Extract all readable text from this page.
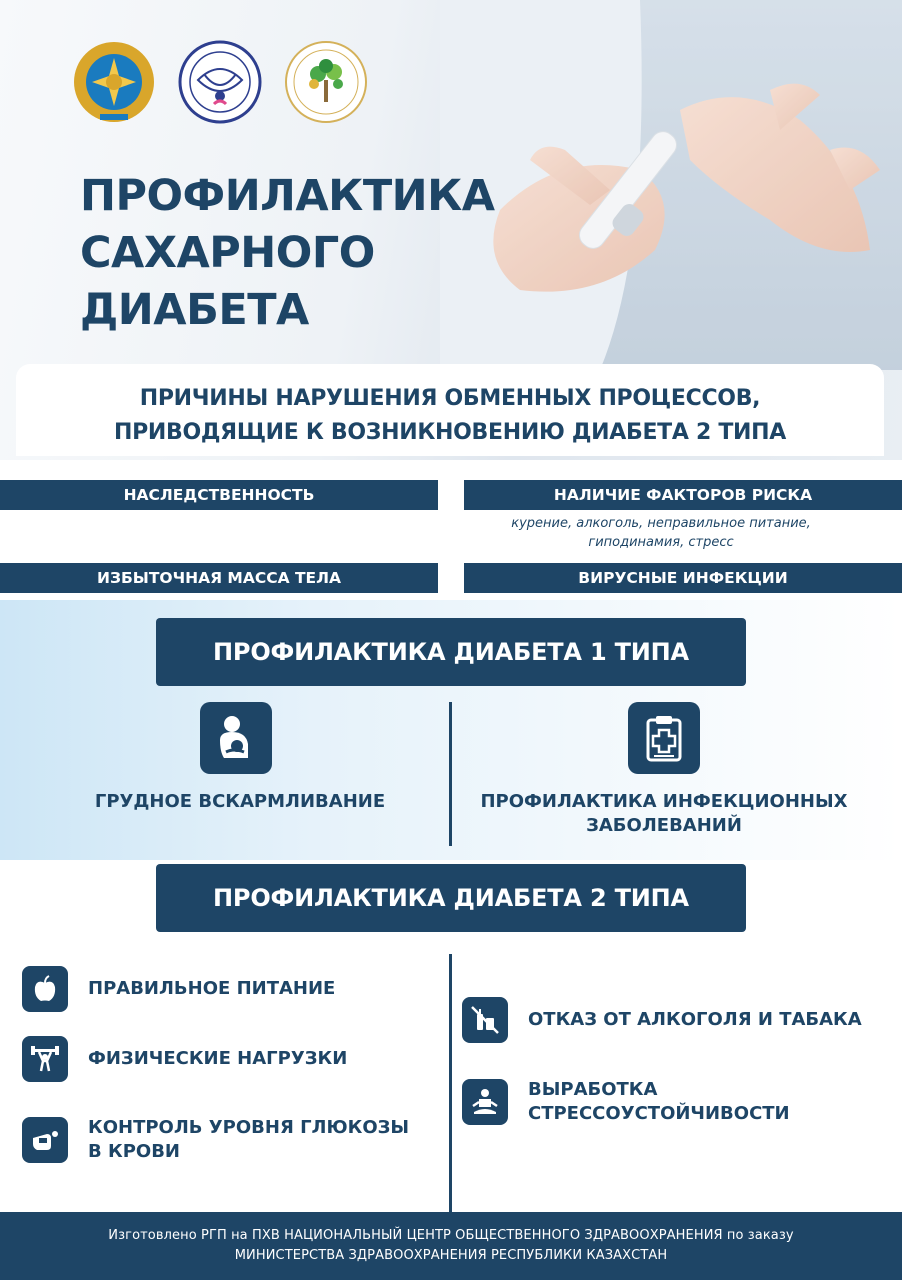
ПРОФИЛАКТИКА
САХАРНОГО
ДИАБЕТА
ПРИЧИНЫ НАРУШЕНИЯ ОБМЕННЫХ ПРОЦЕССОВ,
ПРИВОДЯЩИЕ К ВОЗНИКНОВЕНИЮ ДИАБЕТА 2 ТИПА
НАСЛЕДСТВЕННОСТЬ	НАЛИЧИЕ ФАКТОРОВ РИСКА
курение, алкоголь, неправильное питание,
гиподинамия, стресс
ИЗБЫТОЧНАЯ МАССА ТЕЛА	ВИРУСНЫЕ ИНФЕКЦИИ
ПРОФИЛАКТИКА ДИАБЕТА 1 ТИПА
ГРУДНОЕ ВСКАРМЛИВАНИЕ	ПРОФИЛАКТИКА ИНФЕКЦИОННЫХ
ЗАБОЛЕВАНИЙ
ПРОФИЛАКТИКА ДИАБЕТА 2 ТИПА
ПРАВИЛЬНОЕ ПИТАНИЕ
ФИЗИЧЕСКИЕ НАГРУЗКИ
КОНТРОЛЬ УРОВНЯ ГЛЮКОЗЫ
В КРОВИ
ОТКАЗ ОТ АЛКОГОЛЯ И ТАБАКА
ВЫРАБОТКА
СТРЕССОУСТОЙЧИВОСТИ
Изготовлено РГП на ПХВ НАЦИОНАЛЬНЫЙ ЦЕНТР ОБЩЕСТВЕННОГО ЗДРАВООХРАНЕНИЯ по заказу
МИНИСТЕРСТВА ЗДРАВООХРАНЕНИЯ РЕСПУБЛИКИ КАЗАХСТАН
